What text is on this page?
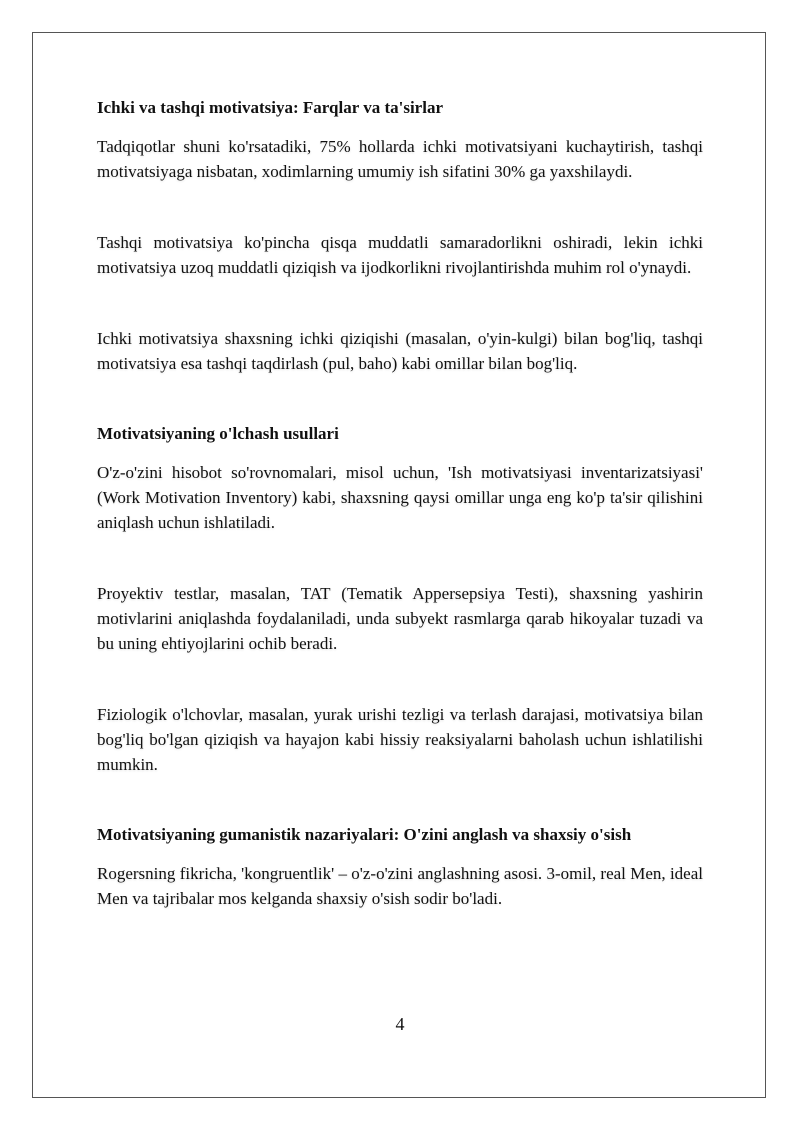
Ichki va tashqi motivatsiya: Farqlar va ta'sirlar

Tadqiqotlar shuni ko'rsatadiki, 75% hollarda ichki motivatsiyani kuchaytirish, tashqi motivatsiyaga nisbatan, xodimlarning umumiy ish sifatini 30% ga yaxshilaydi.

Tashqi motivatsiya ko'pincha qisqa muddatli samaradorlikni oshiradi, lekin ichki motivatsiya uzoq muddatli qiziqish va ijodkorlikni rivojlantirishda muhim rol o'ynaydi.

Ichki motivatsiya shaxsning ichki qiziqishi (masalan, o'yin-kulgi) bilan bog'liq, tashqi motivatsiya esa tashqi taqdirlash (pul, baho) kabi omillar bilan bog'liq.

Motivatsiyaning o'lchash usullari

O'z-o'zini hisobot so'rovnomalari, misol uchun, 'Ish motivatsiyasi inventarizatsiyasi' (Work Motivation Inventory) kabi, shaxsning qaysi omillar unga eng ko'p ta'sir qilishini aniqlash uchun ishlatiladi.

Proyektiv testlar, masalan, TAT (Tematik Appersepsiya Testi), shaxsning yashirin motivlarini aniqlashda foydalaniladi, unda subyekt rasmlarga qarab hikoyalar tuzadi va bu uning ehtiyojlarini ochib beradi.

Fiziologik o'lchovlar, masalan, yurak urishi tezligi va terlash darajasi, motivatsiya bilan bog'liq bo'lgan qiziqish va hayajon kabi hissiy reaksiyalarni baholash uchun ishlatilishi mumkin.

Motivatsiyaning gumanistik nazariyalari: O'zini anglash va shaxsiy o'sish

Rogersning fikricha, 'kongruentlik' – o'z-o'zini anglashning asosi. 3-omil, real Men, ideal Men va tajribalar mos kelganda shaxsiy o'sish sodir bo'ladi.

4
